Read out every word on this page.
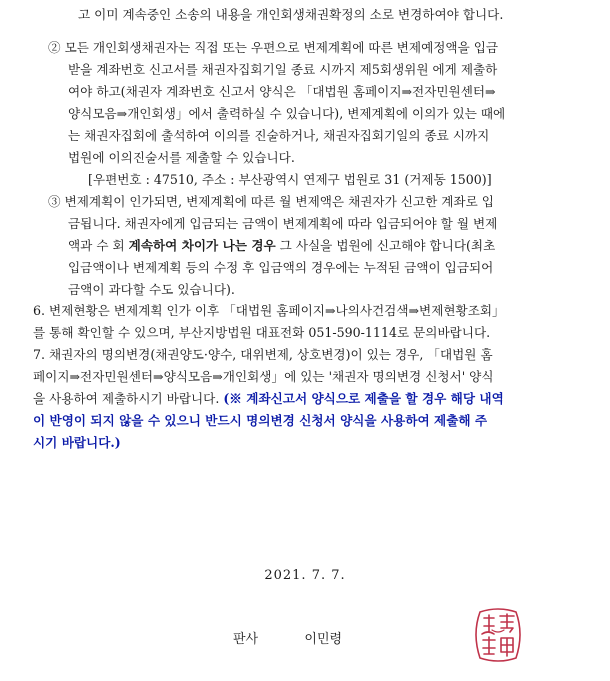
고 이미 계속중인 소송의 내용을 개인회생채권확정의 소로 변경하여야 합니다.
② 모든 개인회생채권자는 직접 또는 우편으로 변제계획에 따른 변제예정액을 입금
받을 계좌번호 신고서를 채권자집회기일 종료 시까지 제5회생위원 에게 제출하
여야 하고(채권자 계좌번호 신고서 양식은 「대법원 홈페이지⇒전자민원센터⇒
양식모음⇒개인회생」에서 출력하실 수 있습니다), 변제계획에 이의가 있는 때에
는 채권자집회에 출석하여 이의를 진술하거나, 채권자집회기일의 종료 시까지
법원에 이의진술서를 제출할 수 있습니다.
[우편번호 : 47510, 주소 : 부산광역시 연제구 법원로 31 (거제동 1500)]
③ 변제계획이 인가되면, 변제계획에 따른 월 변제액은 채권자가 신고한 계좌로 입
금됩니다. 채권자에게 입금되는 금액이 변제계획에 따라 입금되어야 할 월 변제
액과 수 회 계속하여 차이가 나는 경우 그 사실을 법원에 신고해야 합니다(최초
입금액이나 변제계획 등의 수정 후 입금액의 경우에는 누적된 금액이 입금되어
금액이 과다할 수도 있습니다).
6. 변제현황은 변제계획 인가 이후 「대법원 홈페이지⇒나의사건검색⇒변제현황조회」
를 통해 확인할 수 있으며, 부산지방법원 대표전화 051-590-1114로 문의바랍니다.
7. 채권자의 명의변경(채권양도·양수, 대위변제, 상호변경)이 있는 경우, 「대법원 홈
페이지⇒전자민원센터⇒양식모음⇒개인회생」에 있는 '채권자 명의변경 신청서' 양식
을 사용하여 제출하시기 바랍니다. (※ 계좌신고서 양식으로 제출을 할 경우 해당 내역
이 반영이 되지 않을 수 있으니 반드시 명의변경 신청서 양식을 사용하여 제출해 주
시기 바랍니다.)
2021. 7. 7.
판사	이민령
